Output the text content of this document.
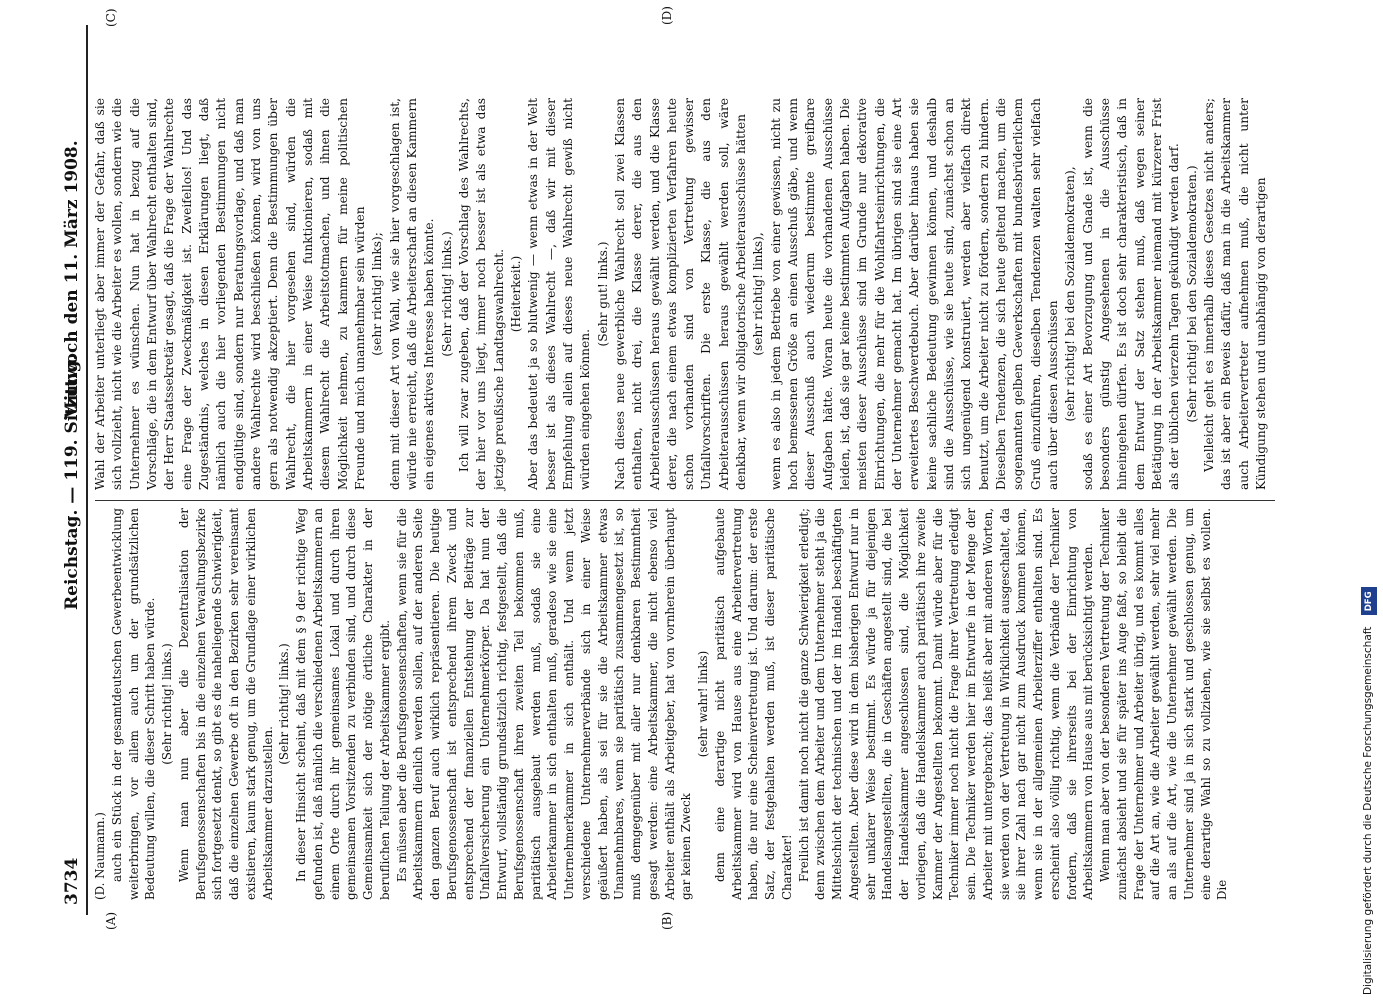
3734
Reichstag. — 119. Sitzung.
Mittwoch den 11. März 1908.
(A)	(B)
(C)	(D)

(D. Naumann.) auch ein Stück in der gesamtdeutschen Gewerbeentwicklung weiterbringen, vor allem auch um der grundsätzlichen Bedeutung willen, die dieser Schritt haben würde. (Sehr richtig! links.) Wenn man nun aber die Dezentralisation der Berufsgenossenschaften bis in die einzelnen Verwaltungsbezirke sich fortgesetzt denkt, so gibt es die naheliegende Schwierigkeit, daß die einzelnen Gewerbe oft in den Bezirken sehr vereinsamt existieren, kaum stark genug, um die Grundlage einer wirklichen Arbeitskammer darzustellen.

(Sehr richtig! links.) In dieser Hinsicht scheint, daß mit dem § 9 der richtige Weg gefunden ist, daß nämlich die verschiedenen Arbeitskammern an einem Orte durch ihr gemeinsames Lokal und durch ihren gemeinsamen Vorsitzenden zu verbinden sind, und durch diese Gemeinsamkeit sich der nötige örtliche Charakter in der beruflichen Teilung der Arbeitskammer ergibt. Es müssen aber die Berufsgenossenschaften, wenn sie für die Arbeitskammern dienlich werden sollen, auf der anderen Seite den ganzen Beruf auch wirklich repräsentieren. Die heutige Berufsgenossenschaft ist entsprechend ihrem Zweck und entsprechend der finanziellen Entstehung der Beiträge zur Unfallversicherung ein Unternehmerkörper. Da hat nun der Entwurf, vollständig grundsätzlich richtig, festgestellt, daß die Berufsgenossenschaft ihren zweiten Teil bekommen muß, paritätisch ausgebaut werden muß, sodaß sie eine Arbeiterkammer in sich enthalten muß, geradeso wie sie eine Unternehmerkammer in sich enthält. Und wenn jetzt verschiedene Unternehmerverbände sich in einer Weise geäußert haben, als sei für sie die Arbeitskammer etwas Unannehmbares, wenn sie paritätisch zusammengesetzt ist, so muß demgegenüber mit aller nur denkbaren Bestimmtheit gesagt werden: eine Arbeitskammer, die nicht ebenso viel Arbeiter enthält als Arbeitgeber, hat von vornherein überhaupt gar keinen Zweck

(sehr wahr! links) denn eine derartige nicht paritätisch aufgebaute Arbeitskammer wird von Hause aus eine Arbeitervertretung haben, die nur eine Scheinvertretung ist. Und darum: der erste Satz, der festgehalten werden muß, ist dieser paritätische Charakter! Freilich ist damit noch nicht die ganze Schwierigkeit erledigt; denn zwischen dem Arbeiter und dem Unternehmer steht ja die Mittelschicht der technischen und der im Handel beschäftigten Angestellten. Aber diese wird in dem bisherigen Entwurf nur in sehr unklarer Weise bestimmt. Es würde ja für diejenigen Handelsangestellten, die in Geschäften angestellt sind, die bei der Handelskammer angeschlossen sind, die Möglichkeit vorliegen, daß die Handelskammer auch paritätisch ihre zweite Kammer der Angestellten bekommt. Damit würde aber für die Techniker immer noch nicht die Frage ihrer Vertretung erledigt sein. Die Techniker werden hier im Entwurfe in der Menge der Arbeiter mit untergebracht; das heißt aber mit anderen Worten, sie werden von der Vertretung in Wirklichkeit ausgeschaltet, da sie ihrer Zahl nach gar nicht zum Ausdruck kommen können, wenn sie in der allgemeinen Arbeiterziffer enthalten sind. Es erscheint also völlig richtig, wenn die Verbände der Techniker fordern, daß sie ihrerseits bei der Einrichtung von Arbeitskammern von Hause aus mit berücksichtigt werden. Wenn man aber von der besonderen Vertretung der Techniker zunächst absieht und sie für später ins Auge faßt, so bleibt die Frage der Unternehmer und Arbeiter übrig, und es kommt alles auf die Art an, wie die Arbeiter gewählt werden, sehr viel mehr an als auf die Art, wie die Unternehmer gewählt werden. Die Unternehmer sind ja in sich stark und geschlossen genug, um eine derartige Wahl so zu vollziehen, wie sie selbst es wollen. Die

Wahl der Arbeiter unterliegt aber immer der Gefahr, daß sie sich vollzieht, nicht wie die Arbeiter es wollen, sondern wie die Unternehmer es wünschen. Nun hat in bezug auf die Vorschläge, die in dem Entwurf über Wahlrecht enthalten sind, der Herr Staatssekretär gesagt, daß die Frage der Wahlrechte eine Frage der Zweckmäßigkeit ist. Zweifellos! Und das Zugeständnis, welches in diesen Erklärungen liegt, daß nämlich auch die hier vorliegenden Bestimmungen nicht endgültige sind, sondern nur Beratungsvorlage, und daß man andere Wahlrechte wird beschließen können, wird von uns gern als notwendig akzeptiert. Denn die Bestimmungen über Wahlrecht, die hier vorgesehen sind, würden die Arbeitskammern in einer Weise funktionieren, sodaß mit diesem Wahlrecht die Arbeitstotmachen, und ihnen die Möglichkeit nehmen, zu kammern für meine politischen Freunde und mich unannehmbar sein würden (sehr richtig! links); denn mit dieser Art von Wahl, wie sie hier vorgeschlagen ist, würde nie erreicht, daß die Arbeiterschaft an diesen Kammern ein eigenes aktives Interesse haben könnte. (Sehr richtig! links.) Ich will zwar zugeben, daß der Vorschlag des Wahlrechts, der hier vor uns liegt, immer noch besser ist als etwa das jetzige preußische Landtagswahlrecht. (Heiterkeit.) Aber das bedeutet ja so blutwenig — wenn etwas in der Welt besser ist als dieses Wahlrecht —, daß wir mit dieser Empfehlung allein auf dieses neue Wahlrecht gewiß nicht würden eingehen können.

(Sehr gut! links.) Nach dieses neue gewerbliche Wahlrecht soll zwei Klassen enthalten, nicht drei, die Klasse derer, die aus den Arbeiterausschüssen heraus gewählt werden, und die Klasse derer, die nach einem etwas komplizierten Verfahren heute schon vorhanden sind von Vertretung gewisser Unfallvorschriften. Die erste Klasse, die aus den Arbeiterausschüssen heraus gewählt werden soll, wäre denkbar, wenn wir obligatorische Arbeiterausschüsse hätten (sehr richtig! links), wenn es also in jedem Betriebe von einer gewissen, nicht zu hoch bemessenen Größe an einen Ausschuß gäbe, und wenn dieser Ausschuß auch wiederum bestimmte greifbare Aufgaben hätte. Woran heute die vorhandenen Ausschüsse leiden, ist, daß sie gar keine bestimmten Aufgaben haben. Die meisten dieser Ausschüsse sind im Grunde nur dekorative Einrichtungen, die mehr für die Wohlfahrtseinrichtungen, die der Unternehmer gemacht hat. Im übrigen sind sie eine Art erweitertes Beschwerdebuch. Aber darüber hinaus haben sie keine sachliche Bedeutung gewinnen können, und deshalb sind die Ausschüsse, wie sie heute sind, zunächst schon an sich ungenügend konstruiert, werden aber vielfach direkt benutzt, um die Arbeiter nicht zu fördern, sondern zu hindern. Dieselben Tendenzen, die sich heute geltend machen, um die sogenannten gelben Gewerkschaften mit bundesbrüderlichem Gruß einzuführen, dieselben Tendenzen walten sehr vielfach auch über diesen Ausschüssen (sehr richtig! bei den Sozialdemokraten), sodaß es einer Art Bevorzugung und Gnade ist, wenn die besonders günstig Angesehenen in die Ausschüsse hineingehen dürfen. Es ist doch sehr charakteristisch, daß in dem Entwurf der Satz stehen muß, daß wegen seiner Betätigung in der Arbeitskammer niemand mit kürzerer Frist als der üblichen vierzehn Tagen gekündigt werden darf. (Sehr richtig! bei den Sozialdemokraten.) Vielleicht geht es innerhalb dieses Gesetzes nicht anders; das ist aber ein Beweis dafür, daß man in die Arbeitskammer auch Arbeitervertreter aufnehmen muß, die nicht unter Kündigung stehen und unabhängig von derartigen

Digitalisierung gefördert durch die Deutsche Forschungsgemeinschaft DFG
